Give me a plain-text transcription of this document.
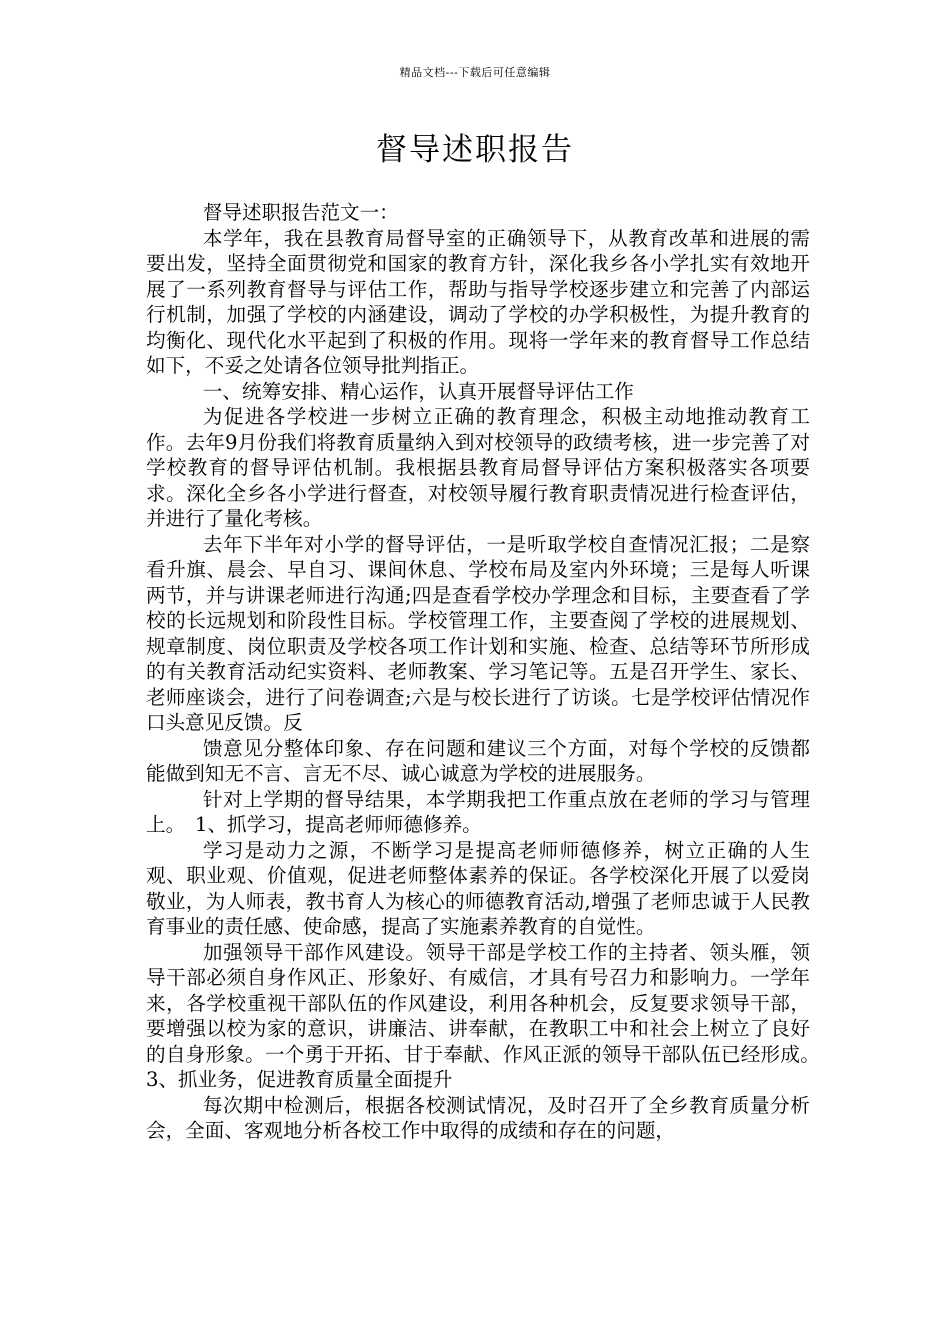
精品文档---下载后可任意编辑
督导述职报告

督导述职报告范文一：

本学年，我在县教育局督导室的正确领导下，从教育改革和进展的需要出发，坚持全面贯彻党和国家的教育方针，深化我乡各小学扎实有效地开展了一系列教育督导与评估工作，帮助与指导学校逐步建立和完善了内部运行机制，加强了学校的内涵建设，调动了学校的办学积极性，为提升教育的均衡化、现代化水平起到了积极的作用。现将一学年来的教育督导工作总结如下，不妥之处请各位领导批判指正。

一、统筹安排、精心运作，认真开展督导评估工作

为促进各学校进一步树立正确的教育理念，积极主动地推动教育工作。去年9月份我们将教育质量纳入到对校领导的政绩考核，进一步完善了对学校教育的督导评估机制。我根据县教育局督导评估方案积极落实各项要求。深化全乡各小学进行督查，对校领导履行教育职责情况进行检查评估，并进行了量化考核。

去年下半年对小学的督导评估，一是听取学校自查情况汇报；二是察看升旗、晨会、早自习、课间休息、学校布局及室内外环境；三是每人听课两节，并与讲课老师进行沟通;四是查看学校办学理念和目标，主要查看了学校的长远规划和阶段性目标。学校管理工作，主要查阅了学校的进展规划、规章制度、岗位职责及学校各项工作计划和实施、检查、总结等环节所形成的有关教育活动纪实资料、老师教案、学习笔记等。五是召开学生、家长、老师座谈会，进行了问卷调查;六是与校长进行了访谈。七是学校评估情况作口头意见反馈。反

馈意见分整体印象、存在问题和建议三个方面，对每个学校的反馈都能做到知无不言、言无不尽、诚心诚意为学校的进展服务。

针对上学期的督导结果，本学期我把工作重点放在老师的学习与管理上。　1、抓学习，提高老师师德修养。

学习是动力之源，不断学习是提高老师师德修养，树立正确的人生观、职业观、价值观，促进老师整体素养的保证。各学校深化开展了以爱岗敬业，为人师表，教书育人为核心的师德教育活动,增强了老师忠诚于人民教育事业的责任感、使命感，提高了实施素养教育的自觉性。

加强领导干部作风建设。领导干部是学校工作的主持者、领头雁，领导干部必须自身作风正、形象好、有威信，才具有号召力和影响力。一学年来，各学校重视干部队伍的作风建设，利用各种机会，反复要求领导干部，要增强以校为家的意识，讲廉洁、讲奉献，在教职工中和社会上树立了良好的自身形象。一个勇于开拓、甘于奉献、作风正派的领导干部队伍已经形成。　3、抓业务，促进教育质量全面提升

每次期中检测后，根据各校测试情况，及时召开了全乡教育质量分析会，全面、客观地分析各校工作中取得的成绩和存在的问题，
